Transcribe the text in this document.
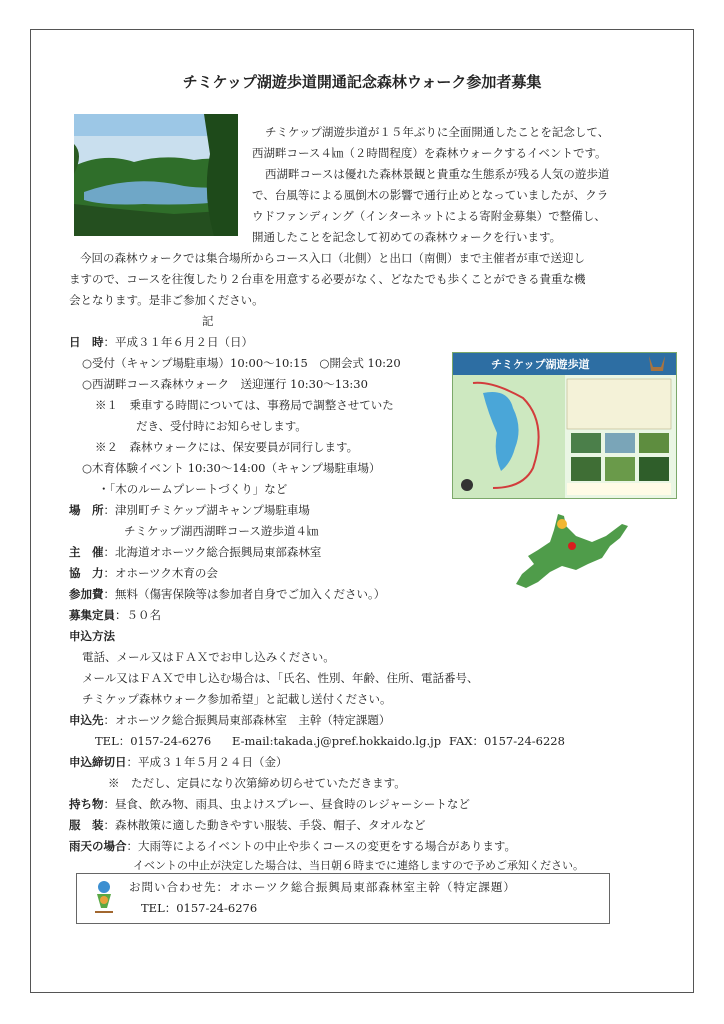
チミケップ湖遊歩道開通記念森林ウォーク参加者募集
チミケップ湖遊歩道が１５年ぶりに全面開通したことを記念して、
西湖畔コース４㎞（２時間程度）を森林ウォークするイベントです。
西湖畔コースは優れた森林景観と貴重な生態系が残る人気の遊歩道
で、台風等による風倒木の影響で通行止めとなっていましたが、クラ
ウドファンディング（インターネットによる寄附金募集）で整備し、
開通したことを記念して初めての森林ウォークを行います。
今回の森林ウォークでは集合場所からコース入口（北側）と出口（南側）まで主催者が車で送迎し
ますので、コースを往復したり２台車を用意する必要がなく、どなたでも歩くことができる貴重な機
会となります。是非ご参加ください。
記
日　時：平成３１年６月２日（日）
○受付（キャンプ場駐車場）10:00～10:15　○開会式 10:20
○西湖畔コース森林ウォーク　送迎運行 10:30～13:30
※１　乗車する時間については、事務局で調整させていた
だき、受付時にお知らせします。
※２　森林ウォークには、保安要員が同行します。
○木育体験イベント 10:30～14:00（キャンプ場駐車場）
・「木のルームプレートづくり」など
場　所：津別町チミケップ湖キャンプ場駐車場
チミケップ湖西湖畔コース遊歩道４㎞
主　催：北海道オホーツク総合振興局東部森林室
協　力：オホーツク木育の会
参加費：無料（傷害保険等は参加者自身でご加入ください。）
募集定員：５０名
申込方法
電話、メール又はＦＡＸでお申し込みください。
メール又はＦＡＸで申し込む場合は、「氏名、性別、年齢、住所、電話番号、
チミケップ森林ウォーク参加希望」と記載し送付ください。
申込先：オホーツク総合振興局東部森林室　主幹（特定課題）
TEL：0157-24-6276 E-mail:takada.j@pref.hokkaido.lg.jp FAX：0157-24-6228
申込締切日：平成３１年５月２４日（金）
※　ただし、定員になり次第締め切らせていただきます。
持ち物：昼食、飲み物、雨具、虫よけスプレー、昼食時のレジャーシートなど
服　装：森林散策に適した動きやすい服装、手袋、帽子、タオルなど
雨天の場合：大雨等によるイベントの中止や歩くコースの変更をする場合があります。
イベントの中止が決定した場合は、当日朝６時までに連絡しますので予めご承知ください。
チミケップ湖遊歩道
お問い合わせ先：オホーツク総合振興局東部森林室主幹（特定課題）
TEL：0157-24-6276
